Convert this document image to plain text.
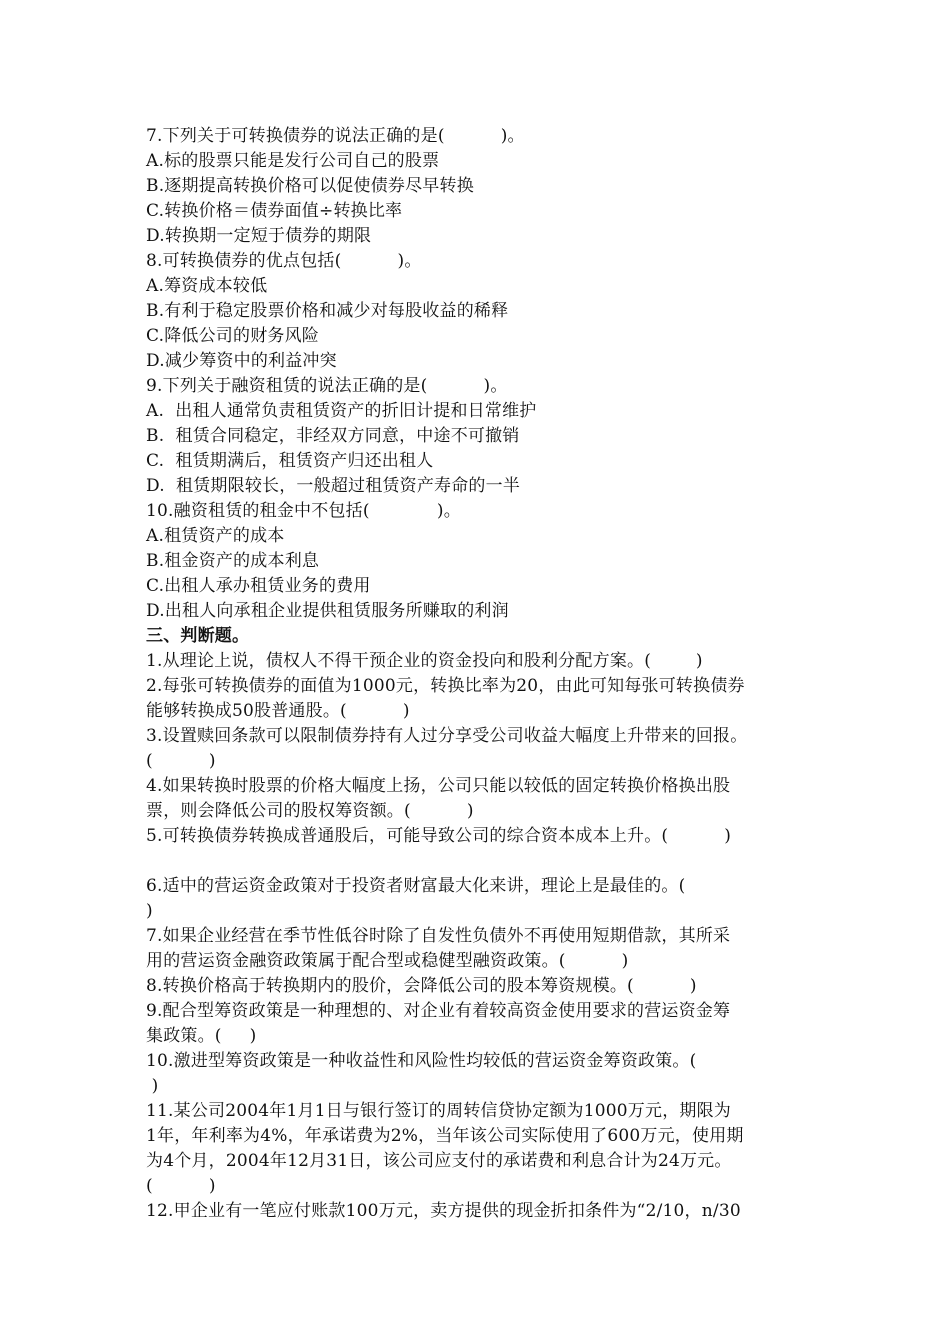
7.下列关于可转换债券的说法正确的是(          )。
A.标的股票只能是发行公司自己的股票
B.逐期提高转换价格可以促使债券尽早转换
C.转换价格＝债券面值÷转换比率
D.转换期一定短于债券的期限
8.可转换债券的优点包括(          )。
A.筹资成本较低
B.有利于稳定股票价格和减少对每股收益的稀释
C.降低公司的财务风险
D.减少筹资中的利益冲突
9.下列关于融资租赁的说法正确的是(          )。
A.  出租人通常负责租赁资产的折旧计提和日常维护
B.  租赁合同稳定，非经双方同意，中途不可撤销
C.  租赁期满后，租赁资产归还出租人
D.  租赁期限较长，一般超过租赁资产寿命的一半
10.融资租赁的租金中不包括(            )。
A.租赁资产的成本
B.租金资产的成本利息
C.出租人承办租赁业务的费用
D.出租人向承租企业提供租赁服务所赚取的利润
三、判断题。
1.从理论上说，债权人不得干预企业的资金投向和股利分配方案。(        )
2.每张可转换债券的面值为1000元，转换比率为20，由此可知每张可转换债券
能够转换成50股普通股。(          )
3.设置赎回条款可以限制债券持有人过分享受公司收益大幅度上升带来的回报。
(          )
4.如果转换时股票的价格大幅度上扬，公司只能以较低的固定转换价格换出股
票，则会降低公司的股权筹资额。(          )
5.可转换债券转换成普通股后，可能导致公司的综合资本成本上升。(          )
6.适中的营运资金政策对于投资者财富最大化来讲，理论上是最佳的。(
)
7.如果企业经营在季节性低谷时除了自发性负债外不再使用短期借款，其所采
用的营运资金融资政策属于配合型或稳健型融资政策。(          )
8.转换价格高于转换期内的股价，会降低公司的股本筹资规模。(          )
9.配合型筹资政策是一种理想的、对企业有着较高资金使用要求的营运资金筹
集政策。(     )
10.激进型筹资政策是一种收益性和风险性均较低的营运资金筹资政策。(
)
11.某公司2004年1月1日与银行签订的周转信贷协定额为1000万元，期限为
1年，年利率为4%，年承诺费为2%，当年该公司实际使用了600万元，使用期
为4个月，2004年12月31日，该公司应支付的承诺费和利息合计为24万元。
(          )
12.甲企业有一笔应付账款100万元，卖方提供的现金折扣条件为“2/10，n/30
